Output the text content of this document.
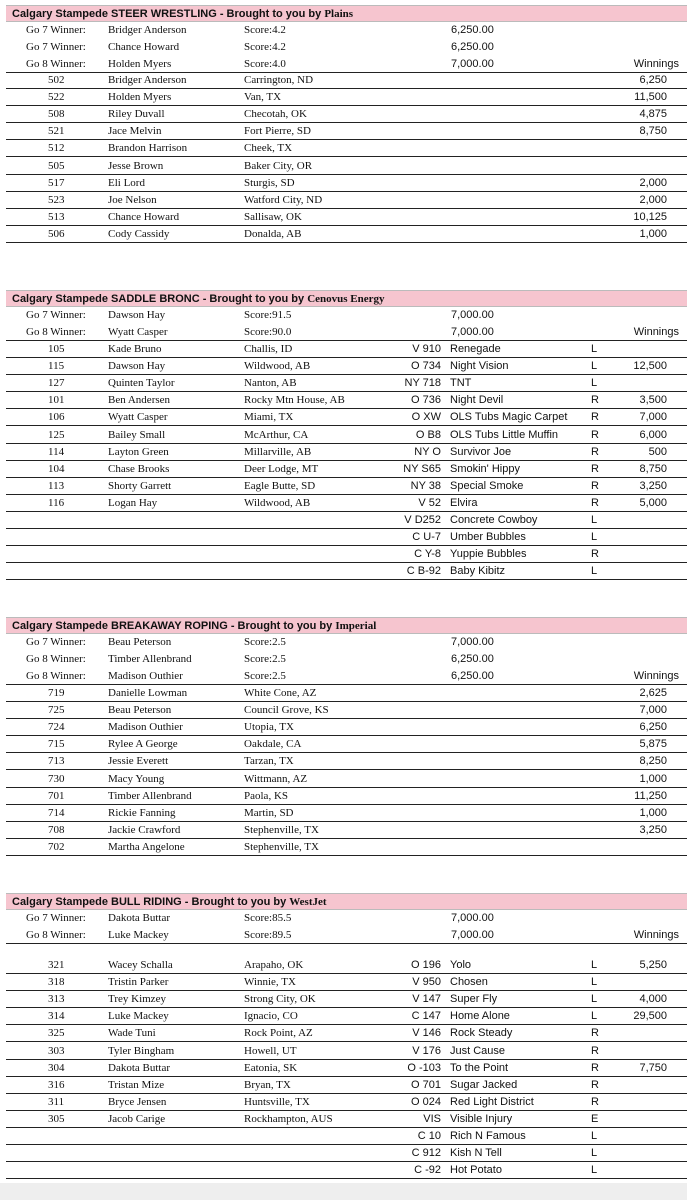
Calgary Stampede STEER WRESTLING - Brought to you by Plains
Go 7 Winner: Bridger Anderson	Score:4.2	6,250.00
Go 7 Winner: Chance Howard	Score:4.2	6,250.00
Go 8 Winner: Holden Myers	Score:4.0	7,000.00	Winnings
502	Bridger Anderson	Carrington, ND	6,250
522	Holden Myers	Van, TX	11,500
508	Riley Duvall	Checotah, OK	4,875
521	Jace Melvin	Fort Pierre, SD	8,750
512	Brandon Harrison	Cheek, TX
505	Jesse Brown	Baker City, OR
517	Eli Lord	Sturgis, SD	2,000
523	Joe Nelson	Watford City, ND	2,000
513	Chance Howard	Sallisaw, OK	10,125
506	Cody Cassidy	Donalda, AB	1,000
Calgary Stampede SADDLE BRONC - Brought to you by Cenovus Energy
Go 7 Winner: Dawson Hay	Score:91.5	7,000.00
Go 8 Winner: Wyatt Casper	Score:90.0	7,000.00	Winnings
105	Kade Bruno	Challis, ID	V 910 Renegade	L
115	Dawson Hay	Wildwood, AB	O 734 Night Vision	L	12,500
127	Quinten Taylor	Nanton, AB	NY 718 TNT	L
101	Ben Andersen	Rocky Mtn House, AB	O 736 Night Devil	R	3,500
106	Wyatt Casper	Miami, TX	O XW OLS Tubs Magic Carpet R	7,000
125	Bailey Small	McArthur, CA	O B8 OLS Tubs Little Muffin	R	6,000
114	Layton Green	Millarville, AB	NY O Survivor Joe	R	500
104	Chase Brooks	Deer Lodge, MT	NY S65 Smokin' Hippy	R	8,750
113	Shorty Garrett	Eagle Butte, SD	NY 38 Special Smoke	R	3,250
116	Logan Hay	Wildwood, AB	V 52 Elvira	R	5,000
V D252 Concrete Cowboy	L
C U-7 Umber Bubbles	L
C Y-8 Yuppie Bubbles	R
C B-92 Baby Kibitz	L
Calgary Stampede BREAKAWAY ROPING - Brought to you by Imperial
Go 7 Winner: Beau Peterson	Score:2.5	7,000.00
Go 8 Winner: Timber Allenbrand	Score:2.5	6,250.00
Go 8 Winner: Madison Outhier	Score:2.5	6,250.00	Winnings
719	Danielle Lowman	White Cone, AZ	2,625
725	Beau Peterson	Council Grove, KS	7,000
724	Madison Outhier	Utopia, TX	6,250
715	Rylee A George	Oakdale, CA	5,875
713	Jessie Everett	Tarzan, TX	8,250
730	Macy Young	Wittmann, AZ	1,000
701	Timber Allenbrand	Paola, KS	11,250
714	Rickie Fanning	Martin, SD	1,000
708	Jackie Crawford	Stephenville, TX	3,250
702	Martha Angelone	Stephenville, TX
Calgary Stampede BULL RIDING - Brought to you by WestJet
Go 7 Winner: Dakota Buttar	Score:85.5	7,000.00
Go 8 Winner: Luke Mackey	Score:89.5	7,000.00	Winnings
321	Wacey Schalla	Arapaho, OK	O 196 Yolo	L	5,250
318	Tristin Parker	Winnie, TX	V 950 Chosen	L
313	Trey Kimzey	Strong City, OK	V 147 Super Fly	L	4,000
314	Luke Mackey	Ignacio, CO	C 147 Home Alone	L	29,500
325	Wade Tuni	Rock Point, AZ	V 146 Rock Steady	R
303	Tyler Bingham	Howell, UT	V 176 Just Cause	R
304	Dakota Buttar	Eatonia, SK	O -103 To the Point	R	7,750
316	Tristan Mize	Bryan, TX	O 701 Sugar Jacked	R
311	Bryce Jensen	Huntsville, TX	O 024 Red Light District	R
305	Jacob Carige	Rockhampton, AUS	VIS Visible Injury	E
C 10 Rich N Famous	L
C 912 Kish N Tell	L
C -92 Hot Potato	L
